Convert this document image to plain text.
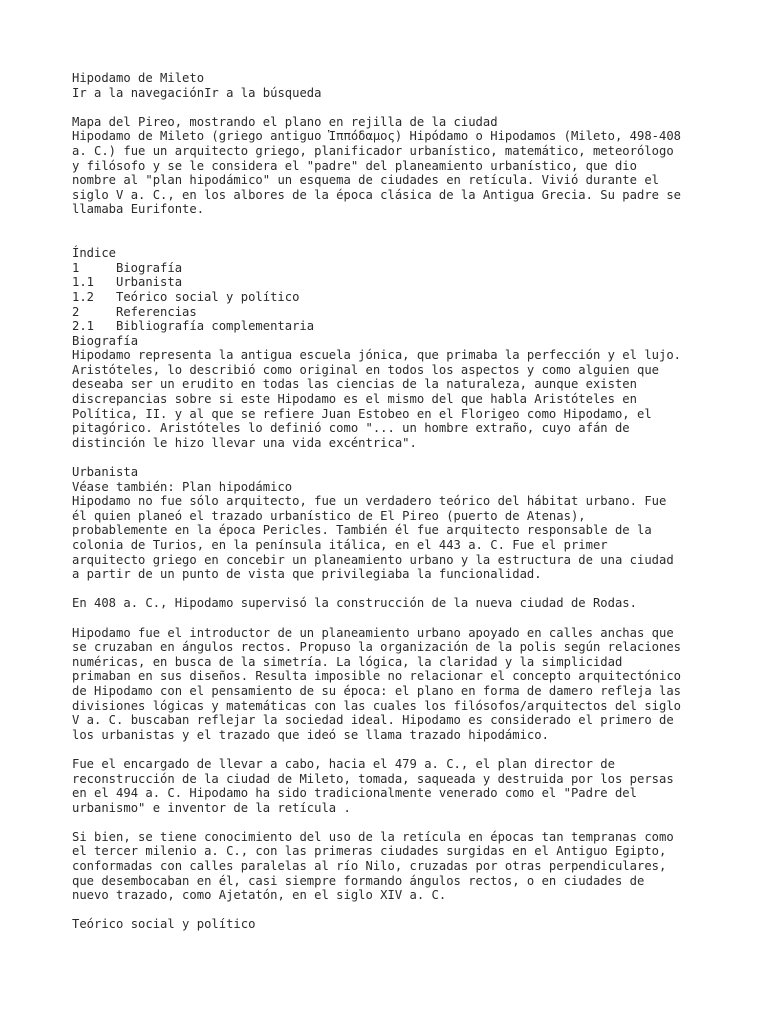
Hipodamo de Mileto
Ir a la navegaciónIr a la búsqueda
Mapa del Pireo, mostrando el plano en rejilla de la ciudad
Hipodamo de Mileto (griego antiguo Ἱππόδαμος) Hipódamo o Hipodamos (Mileto, 498-408
a. C.) fue un arquitecto griego, planificador urbanístico, matemático, meteorólogo
y filósofo y se le considera el "padre" del planeamiento urbanístico, que dio
nombre al "plan hipodámico" un esquema de ciudades en retícula. Vivió durante el
siglo V a. C., en los albores de la época clásica de la Antigua Grecia. Su padre se
llamaba Eurifonte.
Índice
1	Biografía
1.1 Urbanista
1.2 Teórico social y político
2	Referencias
2.1 Bibliografía complementaria
Biografía
Hipodamo representa la antigua escuela jónica, que primaba la perfección y el lujo.
Aristóteles, lo describió como original en todos los aspectos y como alguien que
deseaba ser un erudito en todas las ciencias de la naturaleza, aunque existen
discrepancias sobre si este Hipodamo es el mismo del que habla Aristóteles en
Política, II. y al que se refiere Juan Estobeo en el Florigeo como Hipodamo, el
pitagórico. Aristóteles lo definió como "... un hombre extraño, cuyo afán de
distinción le hizo llevar una vida excéntrica".
Urbanista
Véase también: Plan hipodámico
Hipodamo no fue sólo arquitecto, fue un verdadero teórico del hábitat urbano. Fue
él quien planeó el trazado urbanístico de El Pireo (puerto de Atenas),
probablemente en la época Pericles. También él fue arquitecto responsable de la
colonia de Turios, en la península itálica, en el 443 a. C. Fue el primer
arquitecto griego en concebir un planeamiento urbano y la estructura de una ciudad
a partir de un punto de vista que privilegiaba la funcionalidad.
En 408 a. C., Hipodamo supervisó la construcción de la nueva ciudad de Rodas.
Hipodamo fue el introductor de un planeamiento urbano apoyado en calles anchas que
se cruzaban en ángulos rectos. Propuso la organización de la polis según relaciones
numéricas, en busca de la simetría. La lógica, la claridad y la simplicidad
primaban en sus diseños. Resulta imposible no relacionar el concepto arquitectónico
de Hipodamo con el pensamiento de su época: el plano en forma de damero refleja las
divisiones lógicas y matemáticas con las cuales los filósofos/arquitectos del siglo
V a. C. buscaban reflejar la sociedad ideal. Hipodamo es considerado el primero de
los urbanistas y el trazado que ideó se llama trazado hipodámico.
Fue el encargado de llevar a cabo, hacia el 479 a. C., el plan director de
reconstrucción de la ciudad de Mileto, tomada, saqueada y destruida por los persas
en el 494 a. C. Hipodamo ha sido tradicionalmente venerado como el "Padre del
urbanismo" e inventor de la retícula .
Si bien, se tiene conocimiento del uso de la retícula en épocas tan tempranas como
el tercer milenio a. C., con las primeras ciudades surgidas en el Antiguo Egipto,
conformadas con calles paralelas al río Nilo, cruzadas por otras perpendiculares,
que desembocaban en él, casi siempre formando ángulos rectos, o en ciudades de
nuevo trazado, como Ajetatón, en el siglo XIV a. C.
Teórico social y político
